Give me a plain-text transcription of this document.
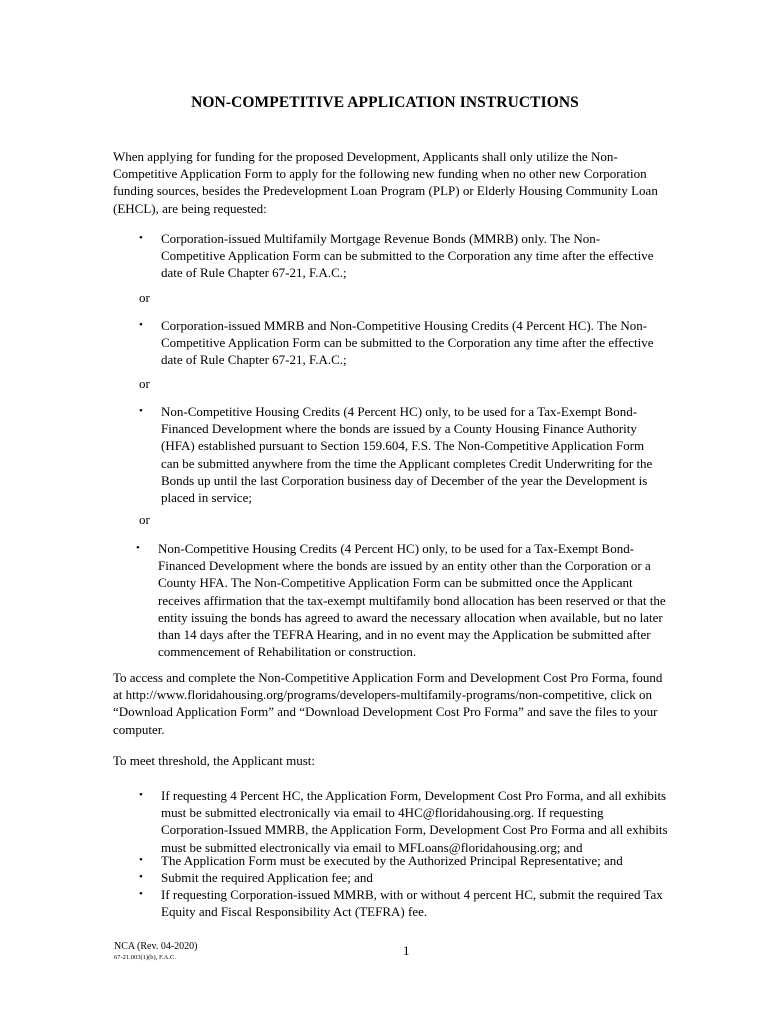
NON-COMPETITIVE APPLICATION INSTRUCTIONS

When applying for funding for the proposed Development, Applicants shall only utilize the Non-
Competitive Application Form to apply for the following new funding when no other new Corporation
funding sources, besides the Predevelopment Loan Program (PLP) or Elderly Housing Community Loan
(EHCL), are being requested:

• Corporation-issued Multifamily Mortgage Revenue Bonds (MMRB) only. The Non-
Competitive Application Form can be submitted to the Corporation any time after the effective
date of Rule Chapter 67-21, F.A.C.;

or

• Corporation-issued MMRB and Non-Competitive Housing Credits (4 Percent HC). The Non-
Competitive Application Form can be submitted to the Corporation any time after the effective
date of Rule Chapter 67-21, F.A.C.;

or

• Non-Competitive Housing Credits (4 Percent HC) only, to be used for a Tax-Exempt Bond-
Financed Development where the bonds are issued by a County Housing Finance Authority
(HFA) established pursuant to Section 159.604, F.S. The Non-Competitive Application Form
can be submitted anywhere from the time the Applicant completes Credit Underwriting for the
Bonds up until the last Corporation business day of December of the year the Development is
placed in service;

or

• Non-Competitive Housing Credits (4 Percent HC) only, to be used for a Tax-Exempt Bond-
Financed Development where the bonds are issued by an entity other than the Corporation or a
County HFA. The Non-Competitive Application Form can be submitted once the Applicant
receives affirmation that the tax-exempt multifamily bond allocation has been reserved or that the
entity issuing the bonds has agreed to award the necessary allocation when available, but no later
than 14 days after the TEFRA Hearing, and in no event may the Application be submitted after
commencement of Rehabilitation or construction.

To access and complete the Non-Competitive Application Form and Development Cost Pro Forma, found
at http://www.floridahousing.org/programs/developers-multifamily-programs/non-competitive, click on
“Download Application Form” and “Download Development Cost Pro Forma” and save the files to your
computer.

To meet threshold, the Applicant must:

• If requesting 4 Percent HC, the Application Form, Development Cost Pro Forma, and all exhibits
must be submitted electronically via email to 4HC@floridahousing.org. If requesting
Corporation-Issued MMRB, the Application Form, Development Cost Pro Forma and all exhibits
must be submitted electronically via email to MFLoans@floridahousing.org; and

• The Application Form must be executed by the Authorized Principal Representative; and

• Submit the required Application fee; and

• If requesting Corporation-issued MMRB, with or without 4 percent HC, submit the required Tax
Equity and Fiscal Responsibility Act (TEFRA) fee.

NCA (Rev. 04-2020)

67-21.003(1)(b), F.A.C.	1
